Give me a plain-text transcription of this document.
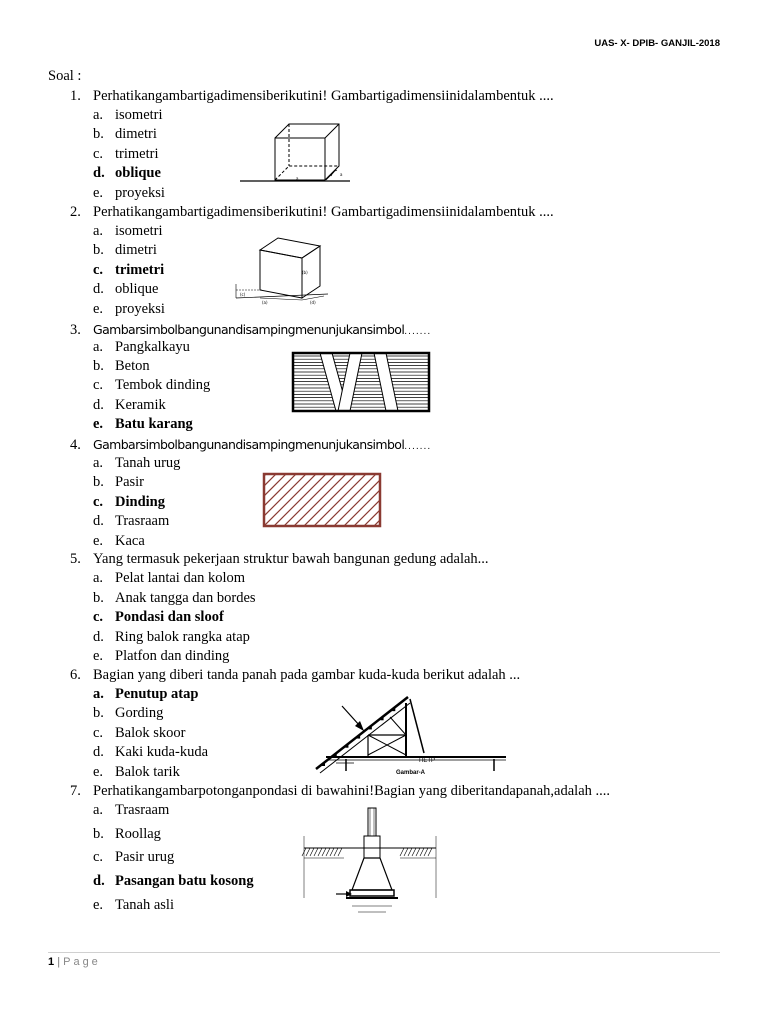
UAS- X- DPIB- GANJIL-2018
Soal :
1. Perhatikangambartigadimensiberikutini! Gambartigadimensiinidalambentuk ....
a. isometri
b. dimetri
c. trimetri
d. oblique
e. proyeksi
a
a
2. Perhatikangambartigadimensiberikutini! Gambartigadimensiinidalambentuk ....
a. isometri
b. dimetri
c. trimetri
d. oblique
e. proyeksi
(c)
(b)
(a)	(d)
3. Gambarsimbolbangunandisampingmenunjukansimbol.......
a. Pangkalkayu
b. Beton
c. Tembok dinding
d. Keramik
e. Batu karang
4. Gambarsimbolbangunandisampingmenunjukansimbol.......
a. Tanah urug
b. Pasir
c. Dinding
d. Trasraam
e. Kaca
5. Yang termasuk pekerjaan struktur bawah bangunan gedung adalah...
a. Pelat lantai dan kolom
b. Anak tangga dan bordes
c. Pondasi dan sloof
d. Ring balok rangka atap
e. Platfon dan dinding
6. Bagian yang diberi tanda panah pada gambar kuda-kuda berikut adalah ...
a. Penutup atap
b. Gording
c. Balok skoor
d. Kaki kuda-kuda
e. Balok tarik
TIETP
Gambar-A
7. Perhatikangambarpotonganpondasi di bawahini!Bagian yang diberitandapanah,adalah ....
a. Trasraam
b. Roollag
c. Pasir urug
d. Pasangan batu kosong
e. Tanah asli
1 | Page
